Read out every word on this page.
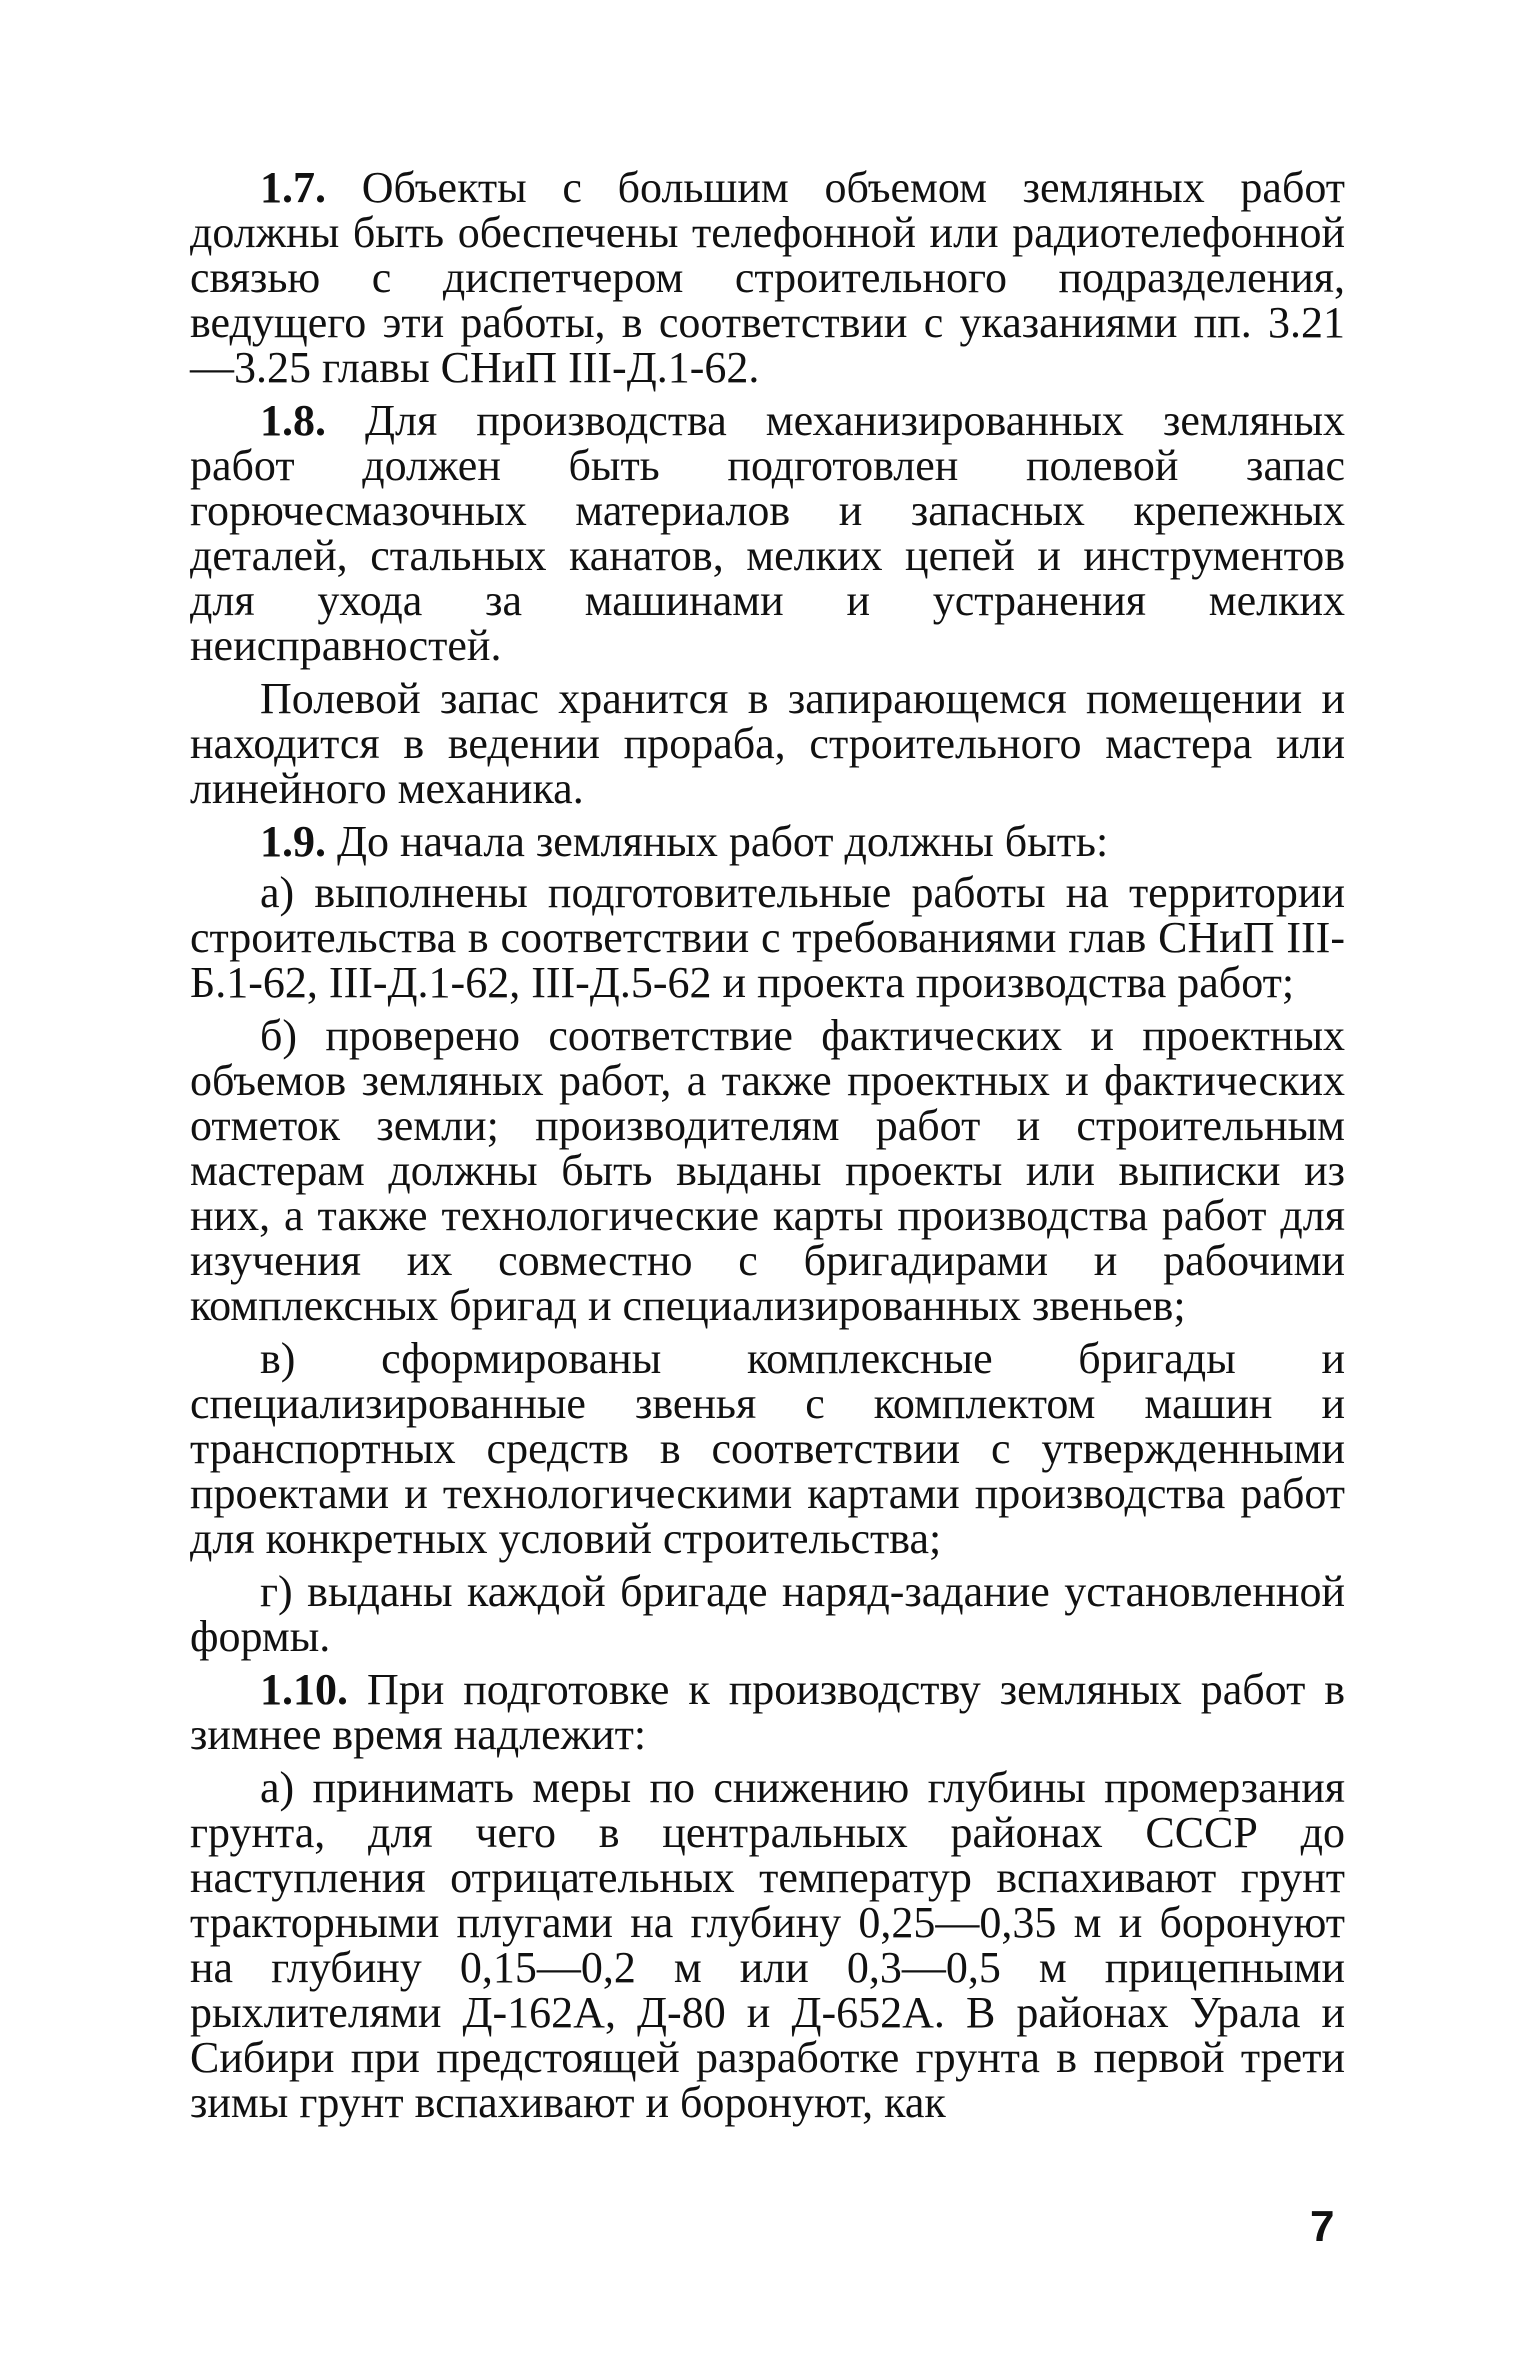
1.7. Объекты с большим объемом земляных работ должны быть обеспечены телефонной или радиотелефонной связью с диспетчером строительного подразделения, ведущего эти работы, в соответствии с указаниями пп. 3.21—3.25 главы СНиП III-Д.1-62.

1.8. Для производства механизированных земляных работ должен быть подготовлен полевой запас горючесмазочных материалов и запасных крепежных деталей, стальных канатов, мелких цепей и инструментов для ухода за машинами и устранения мелких неисправностей.

Полевой запас хранится в запирающемся помещении и находится в ведении прораба, строительного мастера или линейного механика.

1.9. До начала земляных работ должны быть:

а) выполнены подготовительные работы на территории строительства в соответствии с требованиями глав СНиП III-Б.1-62, III-Д.1-62, III-Д.5-62 и проекта производства работ;

б) проверено соответствие фактических и проектных объемов земляных работ, а также проектных и фактических отметок земли; производителям работ и строительным мастерам должны быть выданы проекты или выписки из них, а также технологические карты производства работ для изучения их совместно с бригадирами и рабочими комплексных бригад и специализированных звеньев;

в) сформированы комплексные бригады и специализированные звенья с комплектом машин и транспортных средств в соответствии с утвержденными проектами и технологическими картами производства работ для конкретных условий строительства;

г) выданы каждой бригаде наряд-задание установленной формы.

1.10. При подготовке к производству земляных работ в зимнее время надлежит:

а) принимать меры по снижению глубины промерзания грунта, для чего в центральных районах СССР до наступления отрицательных температур вспахивают грунт тракторными плугами на глубину 0,25—0,35 м и боронуют на глубину 0,15—0,2 м или 0,3—0,5 м прицепными рыхлителями Д-162А, Д-80 и Д-652А. В районах Урала и Сибири при предстоящей разработке грунта в первой трети зимы грунт вспахивают и боронуют, как

7
